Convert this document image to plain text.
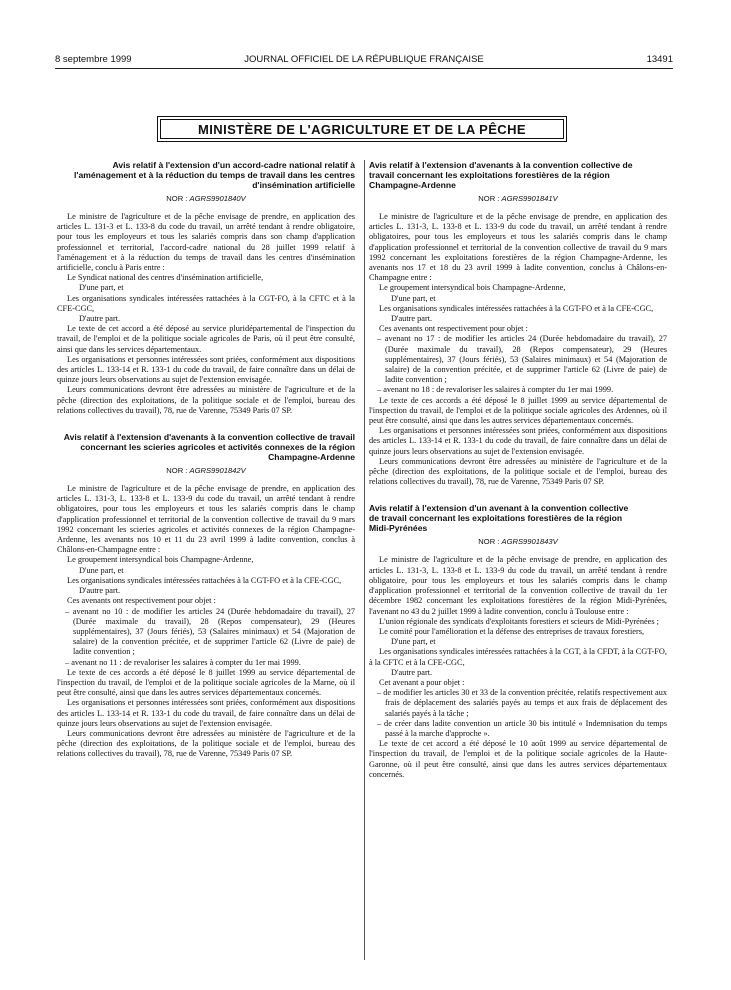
8 septembre 1999	JOURNAL OFFICIEL DE LA RÉPUBLIQUE FRANÇAISE	13491
MINISTÈRE DE L'AGRICULTURE ET DE LA PÊCHE
Avis relatif à l'extension d'un accord-cadre national relatif à l'aménagement et à la réduction du temps de travail dans les centres d'insémination artificielle
NOR : AGRS9901840V

Le ministre de l'agriculture et de la pêche envisage de prendre, en application des articles L. 131-3 et L. 133-8 du code du travail, un arrêté tendant à rendre obligatoire, pour tous les employeurs et tous les salariés compris dans son champ d'application professionnel et territorial, l'accord-cadre national du 28 juillet 1999 relatif à l'aménagement et à la réduction du temps de travail dans les centres d'insémination artificielle, conclu à Paris entre :

Le Syndicat national des centres d'insémination artificielle,

D'une part, et

Les organisations syndicales intéressées rattachées à la CGT-FO, à la CFTC et à la CFE-CGC,

D'autre part.

Le texte de cet accord a été déposé au service pluridépartemental de l'inspection du travail, de l'emploi et de la politique sociale agricoles de Paris, où il peut être consulté, ainsi que dans les services départementaux.

Les organisations et personnes intéressées sont priées, conformément aux dispositions des articles L. 133-14 et R. 133-1 du code du travail, de faire connaître dans un délai de quinze jours leurs observations au sujet de l'extension envisagée.

Leurs communications devront être adressées au ministère de l'agriculture et de la pêche (direction des exploitations, de la politique sociale et de l'emploi, bureau des relations collectives du travail), 78, rue de Varenne, 75349 Paris 07 SP.

Avis relatif à l'extension d'avenants à la convention collective de travail concernant les scieries agricoles et activités connexes de la région Champagne-Ardenne
NOR : AGRS9901842V

Le ministre de l'agriculture et de la pêche envisage de prendre, en application des articles L. 131-3, L. 133-8 et L. 133-9 du code du travail, un arrêté tendant à rendre obligatoires, pour tous les employeurs et tous les salariés compris dans le champ d'application professionnel et territorial de la convention collective de travail du 9 mars 1992 concernant les scieries agricoles et activités connexes de la région Champagne-Ardenne, les avenants nos 10 et 11 du 23 avril 1999 à ladite convention, conclus à Châlons-en-Champagne entre :

Le groupement intersyndical bois Champagne-Ardenne,

D'une part, et

Les organisations syndicales intéressées rattachées à la CGT-FO et à la CFE-CGC,

D'autre part.

Ces avenants ont respectivement pour objet :

– avenant no 10 : de modifier les articles 24 (Durée hebdomadaire du travail), 27 (Durée maximale du travail), 28 (Repos compensateur), 29 (Heures supplémentaires), 37 (Jours fériés), 53 (Salaires minimaux) et 54 (Majoration de salaire) de la convention précitée, et de supprimer l'article 62 (Livre de paie) de ladite convention ;
– avenant no 11 : de revaloriser les salaires à compter du 1er mai 1999.

Le texte de ces accords a été déposé le 8 juillet 1999 au service départemental de l'inspection du travail, de l'emploi et de la politique sociale agricoles de la Marne, où il peut être consulté, ainsi que dans les autres services départementaux concernés.

Les organisations et personnes intéressées sont priées, conformément aux dispositions des articles L. 133-14 et R. 133-1 du code du travail, de faire connaître dans un délai de quinze jours leurs observations au sujet de l'extension envisagée.

Leurs communications devront être adressées au ministère de l'agriculture et de la pêche (direction des exploitations, de la politique sociale et de l'emploi, bureau des relations collectives du travail), 78, rue de Varenne, 75349 Paris 07 SP.

Avis relatif à l'extension d'avenants à la convention collective de travail concernant les exploitations forestières de la région Champagne-Ardenne
NOR : AGRS9901841V

Le ministre de l'agriculture et de la pêche envisage de prendre, en application des articles L. 131-3, L. 133-8 et L. 133-9 du code du travail, un arrêté tendant à rendre obligatoires, pour tous les employeurs et tous les salariés compris dans le champ d'application professionnel et territorial de la convention collective de travail du 9 mars 1992 concernant les exploitations forestières de la région Champagne-Ardenne, les avenants nos 17 et 18 du 23 avril 1999 à ladite convention, conclus à Châlons-en-Champagne entre :

Le groupement intersyndical bois Champagne-Ardenne,

D'une part, et

Les organisations syndicales intéressées rattachées à la CGT-FO et à la CFE-CGC,

D'autre part.

Ces avenants ont respectivement pour objet :

– avenant no 17 : de modifier les articles 24 (Durée hebdomadaire du travail), 27 (Durée maximale du travail), 28 (Repos compensateur), 29 (Heures supplémentaires), 37 (Jours fériés), 53 (Salaires minimaux) et 54 (Majoration de salaire) de la convention précitée, et de supprimer l'article 62 (Livre de paie) de ladite convention ;
– avenant no 18 : de revaloriser les salaires à compter du 1er mai 1999.

Le texte de ces accords a été déposé le 8 juillet 1999 au service départemental de l'inspection du travail, de l'emploi et de la politique sociale agricoles des Ardennes, où il peut être consulté, ainsi que dans les autres services départementaux concernés.

Les organisations et personnes intéressées sont priées, conformément aux dispositions des articles L. 133-14 et R. 133-1 du code du travail, de faire connaître dans un délai de quinze jours leurs observations au sujet de l'extension envisagée.

Leurs communications devront être adressées au ministère de l'agriculture et de la pêche (direction des exploitations, de la politique sociale et de l'emploi, bureau des relations collectives du travail), 78, rue de Varenne, 75349 Paris 07 SP.

Avis relatif à l'extension d'un avenant à la convention collective de travail concernant les exploitations forestières de la région Midi-Pyrénées
NOR : AGRS9901843V

Le ministre de l'agriculture et de la pêche envisage de prendre, en application des articles L. 131-3, L. 133-8 et L. 133-9 du code du travail, un arrêté tendant à rendre obligatoire, pour tous les employeurs et tous les salariés compris dans le champ d'application professionnel et territorial de la convention collective de travail du 1er décembre 1982 concernant les exploitations forestières de la région Midi-Pyrénées, l'avenant no 43 du 2 juillet 1999 à ladite convention, conclu à Toulouse entre :

L'union régionale des syndicats d'exploitants forestiers et scieurs de Midi-Pyrénées ;

Le comité pour l'amélioration et la défense des entreprises de travaux forestiers,

D'une part, et

Les organisations syndicales intéressées rattachées à la CGT, à la CFDT, à la CGT-FO, à la CFTC et à la CFE-CGC,

D'autre part.

Cet avenant a pour objet :

– de modifier les articles 30 et 33 de la convention précitée, relatifs respectivement aux frais de déplacement des salariés payés au temps et aux frais de déplacement des salariés payés à la tâche ;
– de créer dans ladite convention un article 30 bis intitulé « Indemnisation du temps passé à la marche d'approche ».

Le texte de cet accord a été déposé le 10 août 1999 au service départemental de l'inspection du travail, de l'emploi et de la politique sociale agricoles de la Haute-Garonne, où il peut être consulté, ainsi que dans les autres services départementaux concernés.
